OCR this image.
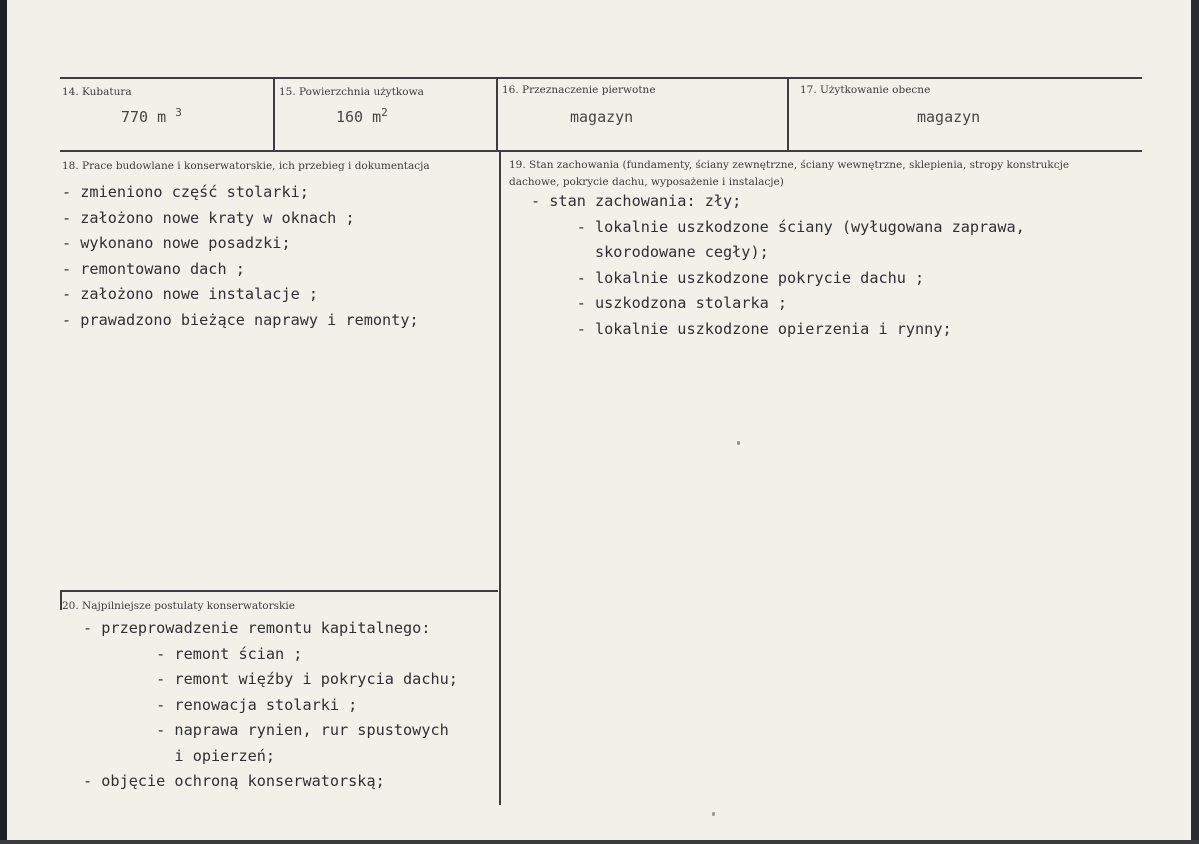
14. Kubatura
770 m $^3$
15. Powierzchnia użytkowa
160 $m^2$
16. Przeznaczenie pierwotne
magazyn
17. Użytkowanie obecne
magazyn
18. Prace budowlane i konserwatorskie, ich przebieg i dokumentacja
- zmieniono część stolarki;
- założono nowe kraty w oknach ;
- wykonano nowe posadzki;
- remontowano dach ;
- założono nowe instalacje ;
- prawadzono bieżące naprawy i remonty;
19. Stan zachowania (fundamenty, ściany zewnętrzne, ściany wewnętrzne, sklepienia, stropy konstrukcje dachowe, pokrycie dachu, wyposażenie i instalacje)
- stan zachowania: zły;
- lokalnie uszkodzone ściany (wyługowana zaprawa,
skorodowane cegły);
- lokalnie uszkodzone pokrycie dachu ;
- uszkodzona stolarka ;
- lokalnie uszkodzone opierzenia i rynny;
20. Najpilniejsze postulaty konserwatorskie
- przeprowadzenie remontu kapitalnego:
- remont ścian ;
- remont więźby i pokrycia dachu;
- renowacja stolarki ;
- naprawa rynien, rur spustowych
i opierzeń;
- objęcie ochroną konserwatorską;
